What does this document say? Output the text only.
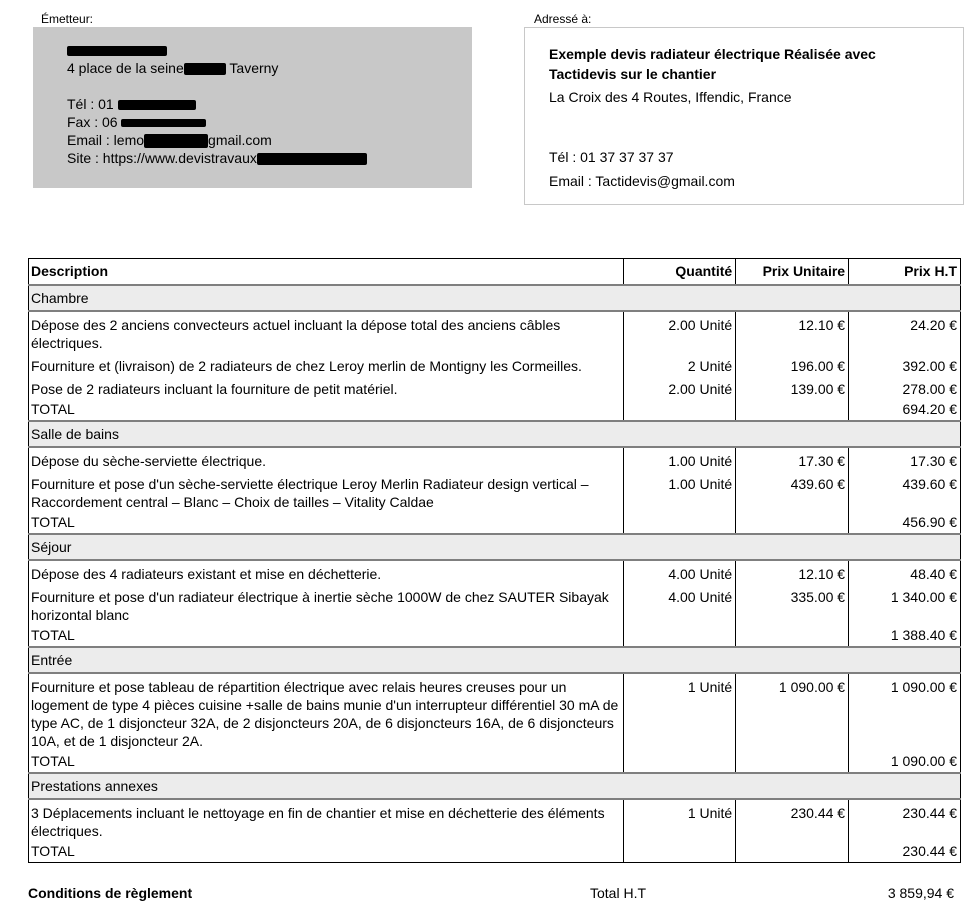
Émetteur:
4 place de la seine	Taverny
Tél : 01
Fax : 06
Email : lemo	gmail.com
Site : https://www.devistravaux
Adressé à:
Exemple devis radiateur électrique Réalisée avec Tactidevis sur le chantier
La Croix des 4 Routes, Iffendic, France
Tél : 01 37 37 37 37
Email : Tactidevis@gmail.com
Description	Quantité	Prix Unitaire	Prix H.T
Chambre			
Dépose des 2 anciens convecteurs actuel incluant la dépose total des anciens câbles électriques.	2.00 Unité	12.10 €	24.20 €
Fourniture et (livraison) de 2 radiateurs de chez Leroy merlin de Montigny les Cormeilles.	2 Unité	196.00 €	392.00 €
Pose de 2 radiateurs incluant la fourniture de petit matériel.	2.00 Unité	139.00 €	278.00 €
TOTAL			694.20 €
Salle de bains			
Dépose du sèche-serviette électrique.	1.00 Unité	17.30 €	17.30 €
Fourniture et pose d'un sèche-serviette électrique Leroy Merlin Radiateur design vertical – Raccordement central – Blanc – Choix de tailles – Vitality Caldae	1.00 Unité	439.60 €	439.60 €
TOTAL			456.90 €
Séjour			
Dépose des 4 radiateurs existant et mise en déchetterie.	4.00 Unité	12.10 €	48.40 €
Fourniture et pose d'un radiateur électrique à inertie sèche 1000W de chez SAUTER Sibayak horizontal blanc	4.00 Unité	335.00 €	1 340.00 €
TOTAL			1 388.40 €
Entrée			
Fourniture et pose tableau de répartition électrique avec relais heures creuses pour un logement de type 4 pièces cuisine +salle de bains munie d'un interrupteur différentiel 30 mA de type AC, de 1 disjoncteur 32A, de 2 disjoncteurs 20A, de 6 disjoncteurs 16A, de 6 disjoncteurs 10A, et de 1 disjoncteur 2A.	1 Unité	1 090.00 €	1 090.00 €
TOTAL			1 090.00 €
Prestations annexes			
3 Déplacements incluant le nettoyage en fin de chantier et mise en déchetterie des éléments électriques.	1 Unité	230.44 €	230.44 €
TOTAL			230.44 €
Conditions de règlement	Total H.T	3 859,94 €
